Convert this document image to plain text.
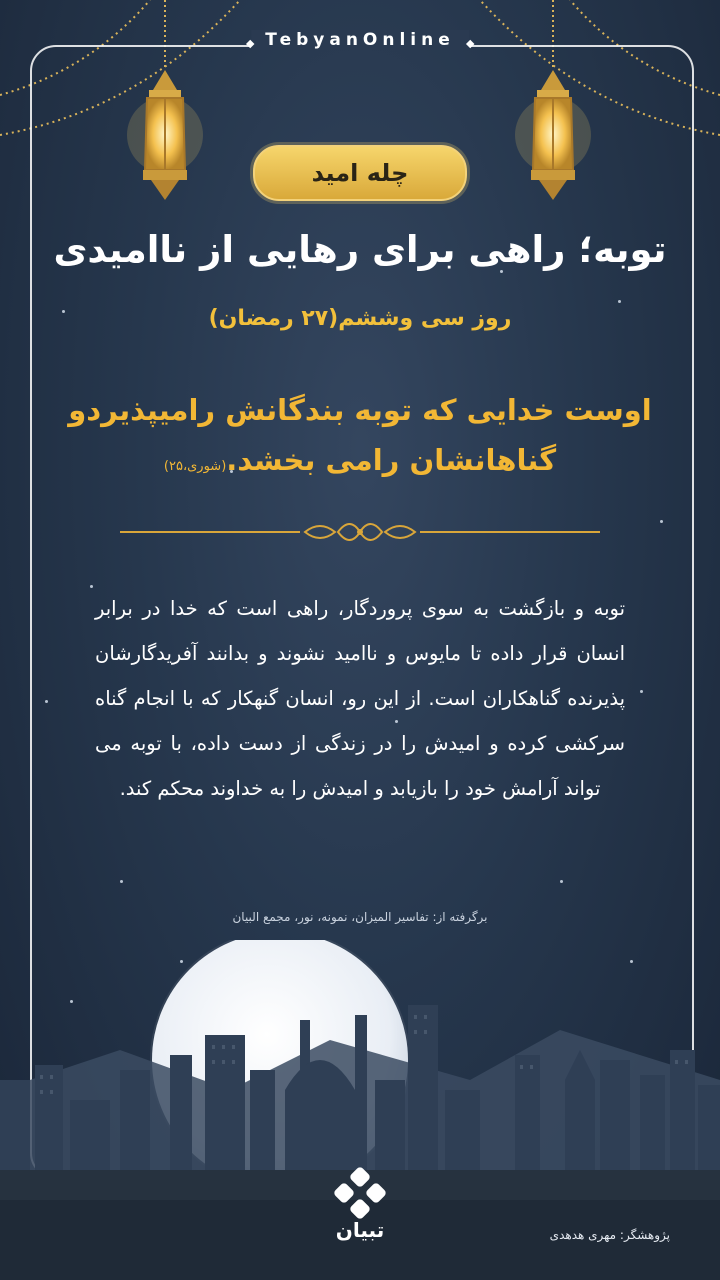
TebyanOnline
چله امید
توبه؛ راهی برای رهایی از ناامیدی
روز سی وششم(۲۷ رمضان)
اوست خدایی که توبه بندگانش رامیپذیردو
گناهانشان رامی بخشد.(شوری،۲۵)
توبه و بازگشت به سوی پروردگار، راهی است که خدا در برابر انسان قرار داده تا مایوس و ناامید نشوند و بدانند آفریدگارشان پذیرنده گناهکاران است. از این رو، انسان گنهکار که با انجام گناه سرکشی کرده و امیدش را در زندگی از دست داده، با توبه می تواند آرامش خود را بازیابد و امیدش را به خداوند محکم کند.
برگرفته از: تفاسیر المیزان، نمونه، نور، مجمع البیان
تبیان	پژوهشگر: مهری هدهدی
